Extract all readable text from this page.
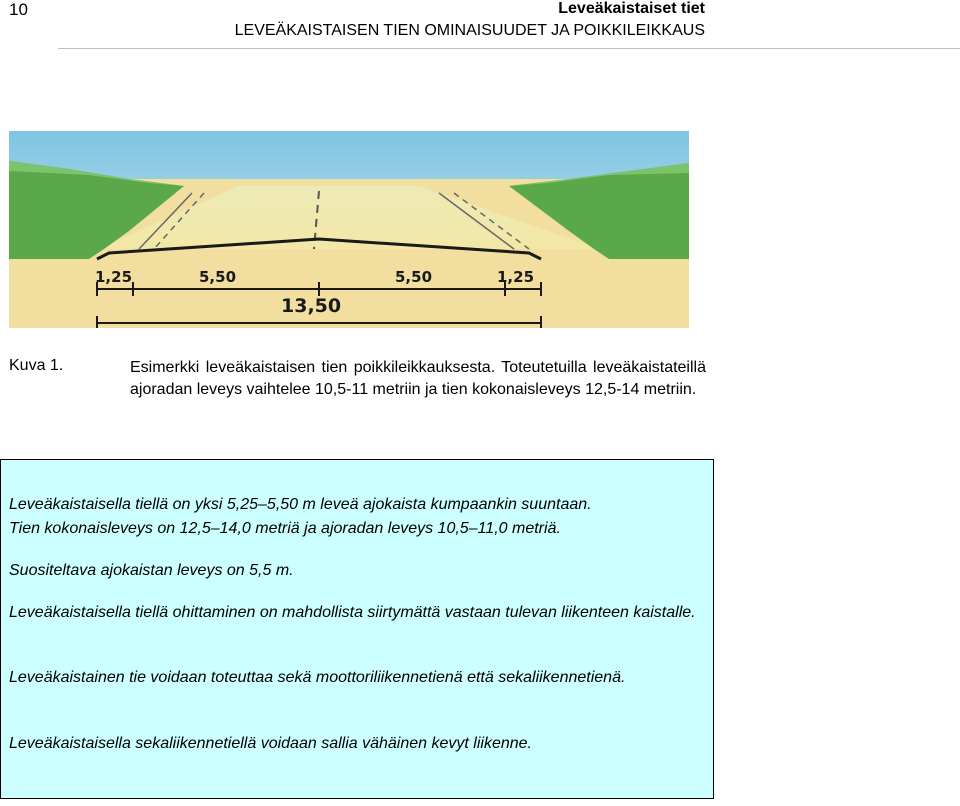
10	Leveäkaistaiset tiet
LEVEÄKAISTAISEN TIEN OMINAISUUDET JA POIKKILEIKKAUS
1,25	5,50	5,50	1,25
13,50
Kuva 1.	Esimerkki leveäkaistaisen tien poikkileikkauksesta. Toteutetuilla leveäkaistateillä ajoradan leveys vaihtelee 10,5-11 metriin ja tien kokonaisleveys 12,5-14 metriin.

Leveäkaistaisella tiellä on yksi 5,25–5,50 m leveä ajokaista kumpaankin suuntaan.

Tien kokonaisleveys on 12,5–14,0 metriä ja ajoradan leveys 10,5–11,0 metriä.

Suositeltava ajokaistan leveys on 5,5 m.

Leveäkaistaisella tiellä ohittaminen on mahdollista siirtymättä vastaan tulevan liikenteen kaistalle.

Leveäkaistainen tie voidaan toteuttaa sekä moottoriliikennetienä että sekaliikennetienä.

Leveäkaistaisella sekaliikennetiellä voidaan sallia vähäinen kevyt liikenne.
